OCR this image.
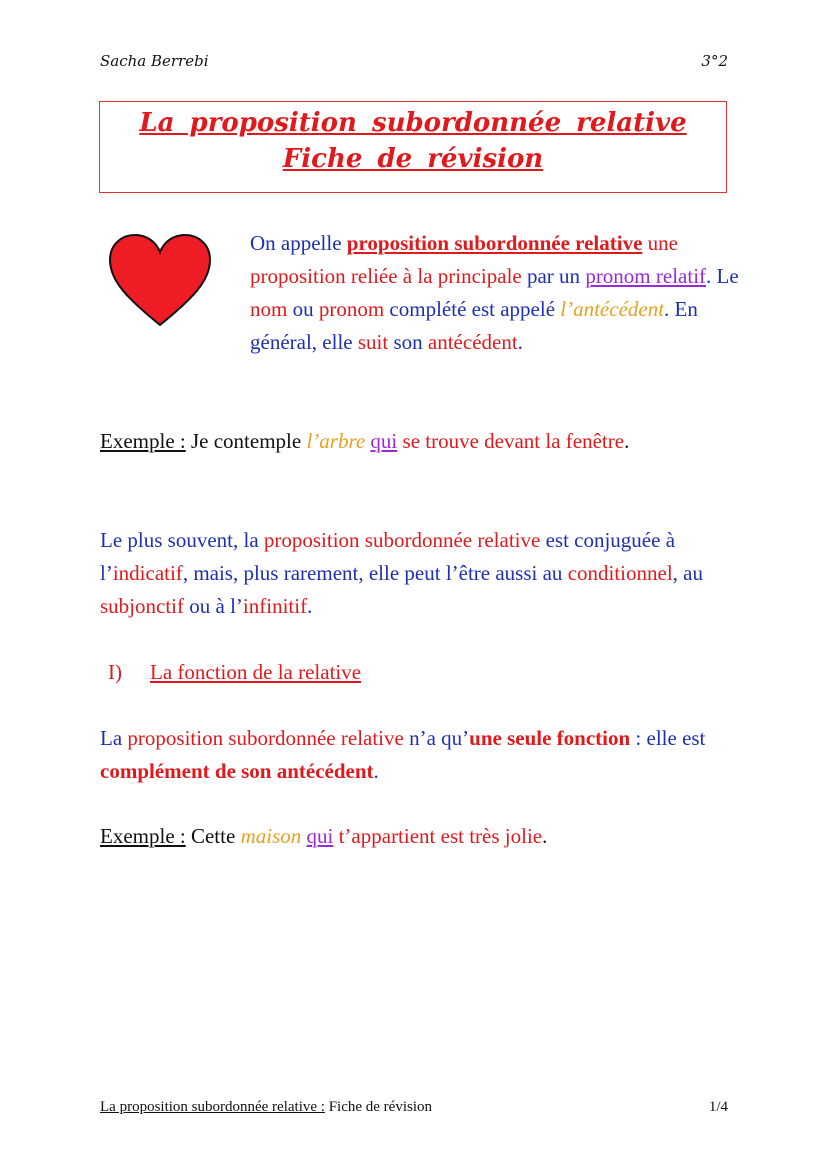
Sacha Berrebi	3°2
La proposition subordonnée relative
Fiche de révision

On appelle proposition subordonnée relative une proposition reliée à la principale par un pronom relatif. Le nom ou pronom complété est appelé l’antécédent. En général, elle suit son antécédent.

Exemple : Je contemple l’arbre qui se trouve devant la fenêtre.

Le plus souvent, la proposition subordonnée relative est conjuguée à l’indicatif, mais, plus rarement, elle peut l’être aussi au conditionnel, au subjonctif ou à l’infinitif.

I) La fonction de la relative

La proposition subordonnée relative n’a qu’une seule fonction : elle est complément de son antécédent.

Exemple : Cette maison qui t’appartient est très jolie.

La proposition subordonnée relative : Fiche de révision	1/4
